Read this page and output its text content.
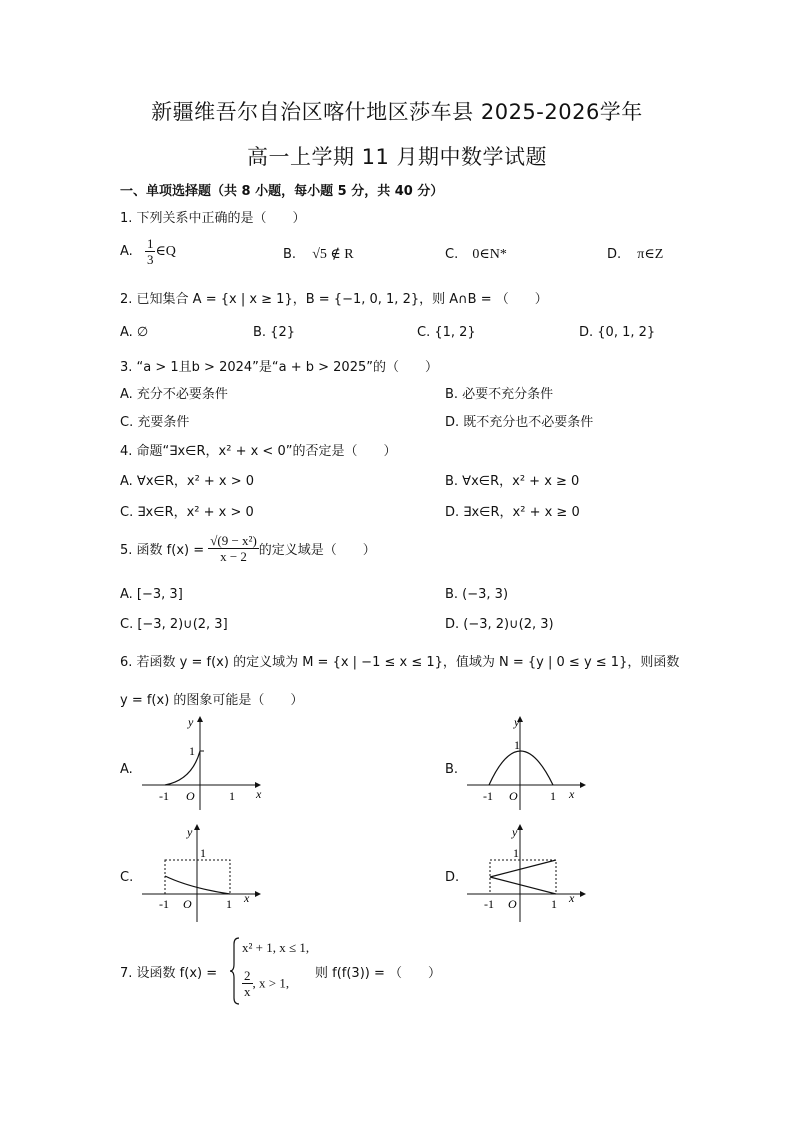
新疆维吾尔自治区喀什地区莎车县 2025-2026学年
高一上学期 11 月期中数学试题
一、单项选择题（共 8 小题，每小题 5 分，共 40 分）
1. 下列关系中正确的是（　　）
A. $\frac{1}{3}$ ∈Q	B. √5 ∉ R	C. 0∈N*	D. π∈Z
2. 已知集合 A = {x | x ≥ 1}，B = {−1, 0, 1, 2}，则 A∩B = （　　）
A. ∅	B. {2}	C. {1, 2}	D. {0, 1, 2}
3. “a > 1且b > 2024”是“a + b > 2025”的（　　）
A. 充分不必要条件	B. 必要不充分条件
C. 充要条件	D. 既不充分也不必要条件
4. 命题“∃x∈R，x² + x < 0”的否定是（　　）
A. ∀x∈R，x² + x > 0	B. ∀x∈R，x² + x ≥ 0
C. ∃x∈R，x² + x > 0	D. ∃x∈R，x² + x ≥ 0
5. 函数 $f(x) = \frac{\text{√(9 − x²)}}{x - 2}$ 的定义域是（　　）
A. [−3, 3]	B. (−3, 3)
C. [−3, 2)∪(2, 3]	D. (−3, 2)∪(2, 3)
6. 若函数 y = f(x) 的定义域为 M = {x | −1 ≤ x ≤ 1}，值域为 N = {y | 0 ≤ y ≤ 1}，则函数
y = f(x) 的图象可能是（　　）
A.	B.
C.	D.
y
x
1
-1 O	1
y
x
1
-1 O	1
y
x
1
-1 O	1
y
x
1
-1 O	1
7. 设函数 f(x) =
x² + 1, x ≤ 1,
$\frac{2}{x}$ , x > 1,
则 f(f(3)) = （　　）
